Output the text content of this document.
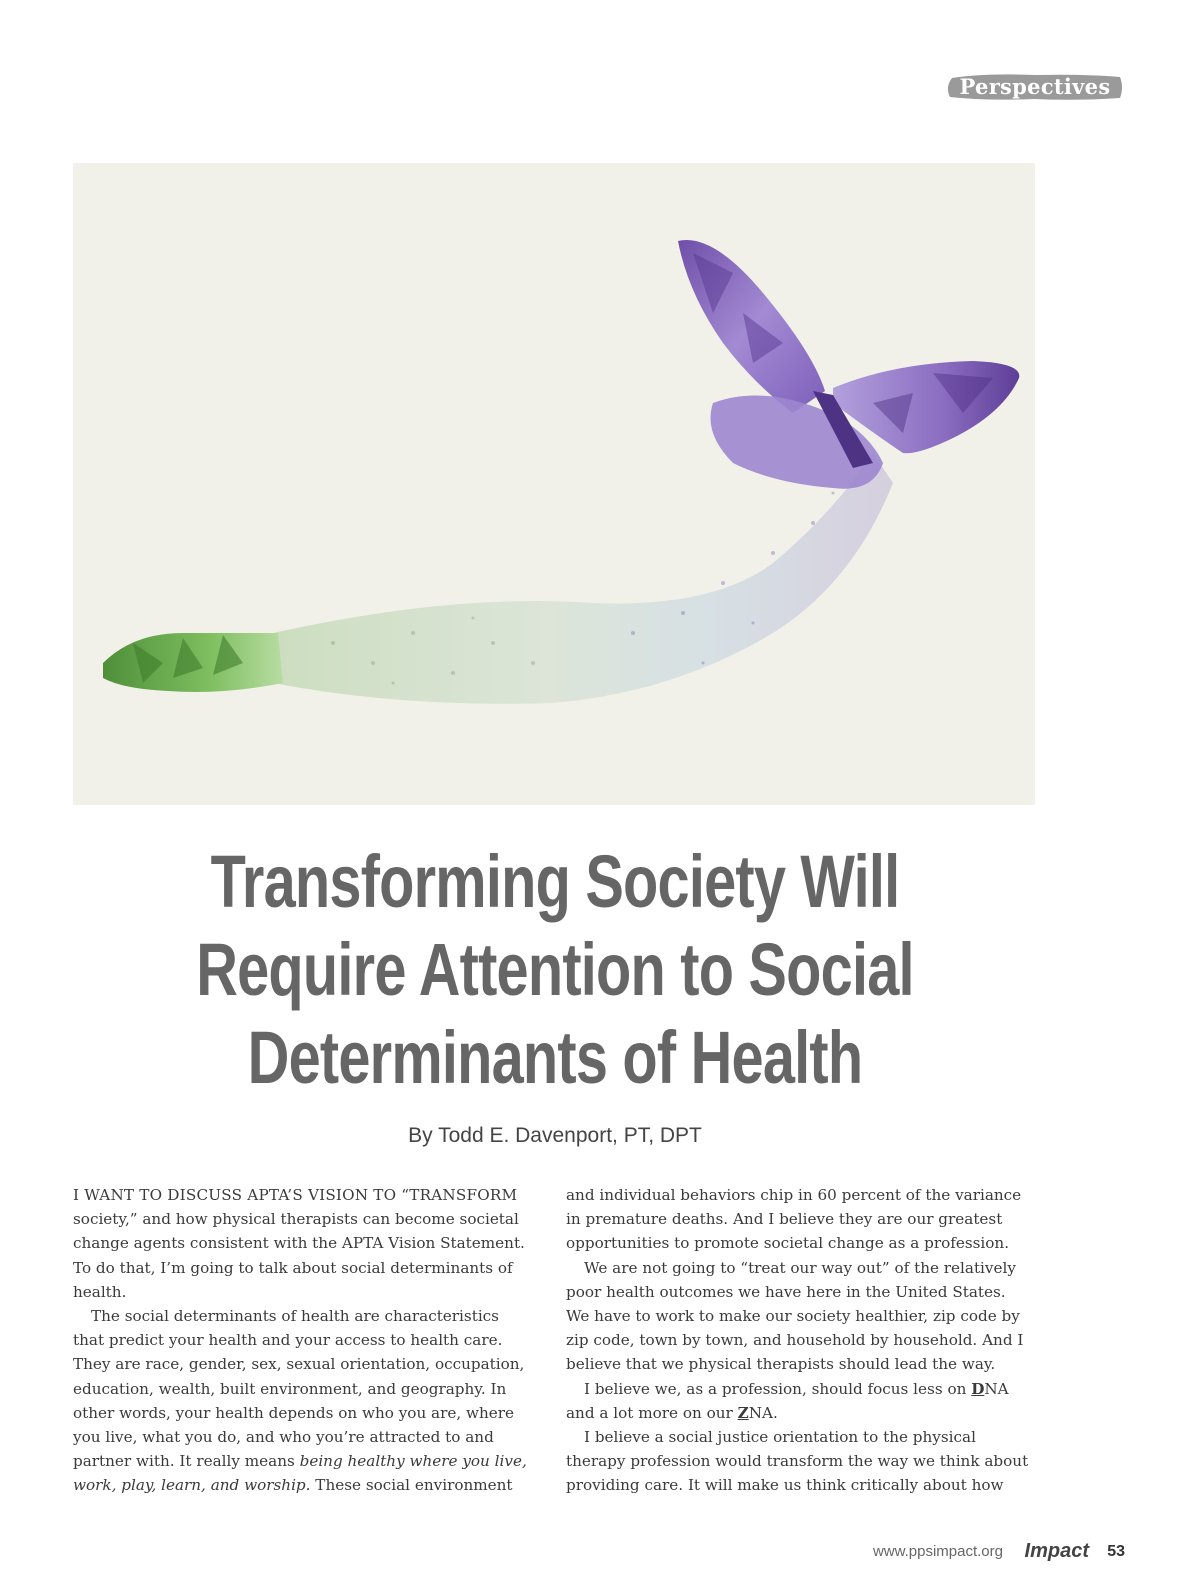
Perspectives
Transforming Society Will
Require Attention to Social
Determinants of Health
By Todd E. Davenport, PT, DPT

I WANT TO DISCUSS APTA’S VISION TO “TRANSFORM

society,” and how physical therapists can become societal

change agents consistent with the APTA Vision Statement.

To do that, I’m going to talk about social determinants of

health.

The social determinants of health are characteristics

that predict your health and your access to health care.

They are race, gender, sex, sexual orientation, occupation,

education, wealth, built environment, and geography. In

other words, your health depends on who you are, where

you live, what you do, and who you’re attracted to and

partner with. It really means being healthy where you live,

work, play, learn, and worship. These social environment

and individual behaviors chip in 60 percent of the variance

in premature deaths. And I believe they are our greatest

opportunities to promote societal change as a profession.

We are not going to “treat our way out” of the relatively

poor health outcomes we have here in the United States.

We have to work to make our society healthier, zip code by

zip code, town by town, and household by household. And I

believe that we physical therapists should lead the way.

I believe we, as a profession, should focus less on DNA

and a lot more on our ZNA.

I believe a social justice orientation to the physical

therapy profession would transform the way we think about

providing care. It will make us think critically about how

www.ppsimpact.org Impact 53
